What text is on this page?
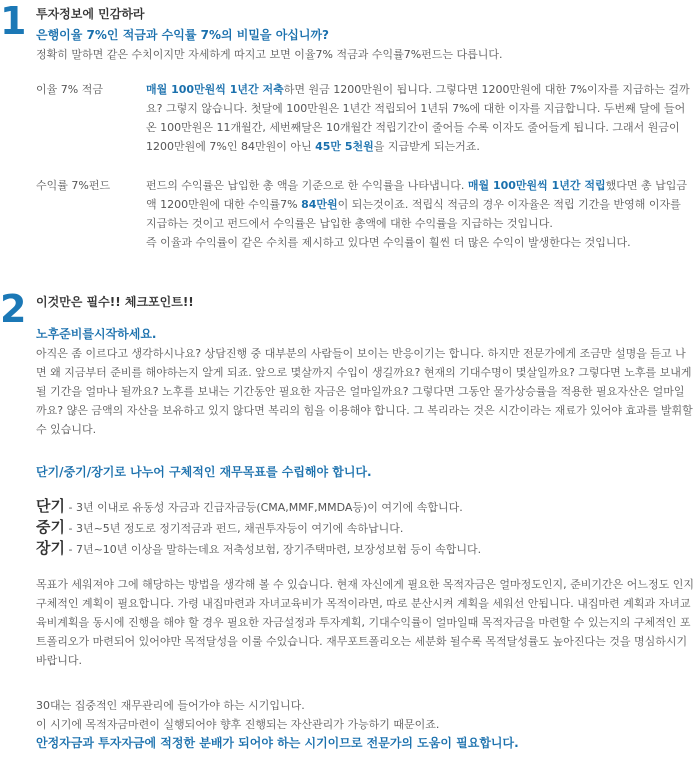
1 투자정보에 민감하라
은행이율 7%인 적금과 수익률 7%의 비밀을 아십니까?
정확히 말하면 같은 수치이지만 자세하게 따지고 보면 이율7% 적금과 수익률7%펀드는 다릅니다.
이율 7% 적금	매월 100만원씩 1년간 저축하면 원금 1200만원이 됩니다. 그렇다면 1200만원에 대한 7%이자를 지급하는 걸까요? 그렇지 않습니다. 첫달에 100만원은 1년간 적립되어 1년뒤 7%에 대한 이자를 지급합니다. 두번째 달에 들어온 100만원은 11개월간, 세번째달은 10개월간 적립기간이 줄어들 수록 이자도 줄어들게 됩니다. 그래서 원금이 1200만원에 7%인 84만원이 아닌 45만 5천원을 지급받게 되는거죠.

수익률 7%펀드	펀드의 수익률은 납입한 총 액을 기준으로 한 수익률을 나타냅니다. 매월 100만원씩 1년간 적립했다면 총 납입금액 1200만원에 대한 수익률7% 84만원이 되는것이죠. 적립식 적금의 경우 이자율은 적립 기간을 반영해 이자를 지급하는 것이고 펀드에서 수익률은 납입한 총액에 대한 수익률을 지급하는 것입니다.

즉 이율과 수익률이 같은 수치를 제시하고 있다면 수익률이 훨씬 더 많은 수익이 발생한다는 것입니다.

2 이것만은 필수!! 체크포인트!!
노후준비를시작하세요.
아직은 좀 이르다고 생각하시나요? 상담진행 중 대부분의 사람들이 보이는 반응이기는 합니다. 하지만 전문가에게 조금만 설명을 듣고 나면 왜 지금부터 준비를 해야하는지 알게 되죠. 앞으로 몇살까지 수입이 생길까요? 현재의 기대수명이 몇살일까요? 그렇다면 노후를 보내게 될 기간을 얼마나 될까요? 노후를 보내는 기간동안 필요한 자금은 얼마일까요? 그렇다면 그동안 물가상승률을 적용한 필요자산은 얼마일까요? 얂은 금액의 자산을 보유하고 있지 않다면 복리의 힘을 이용해야 합니다. 그 복리라는 것은 시간이라는 재료가 있어야 효과를 발휘할 수 있습니다.
단기/중기/장기로 나누어 구체적인 재무목표를 수립해야 합니다.
단기 - 3년 이내로 유동성 자금과 긴급자금등(CMA,MMF,MMDA등)이 여기에 속합니다.
중기 - 3년~5년 정도로 정기적금과 펀드, 채권투자등이 여기에 속하납니다.
장기 - 7년~10년 이상을 말하는데요 저축성보험, 장기주택마련, 보장성보험 등이 속합니다.
목표가 세워져야 그에 해당하는 방법을 생각해 볼 수 있습니다. 현재 자신에게 필요한 목적자금은 얼마정도인지, 준비기간은 어느정도 인지 구체적인 계획이 필요합니다. 가령 내집마련과 자녀교육비가 목적이라면, 따로 분산시켜 계획을 세워선 안됩니다. 내집마련 계획과 자녀교육비계획을 동시에 진행을 해야 할 경우 필요한 자금설정과 투자계획, 기대수익률이 얼마일때 목적자금을 마련할 수 있는지의 구체적인 포트폴리오가 마련되어 있어야만 목적달성을 이룰 수있습니다. 재무포트폴리오는 세분화 될수록 목적달성률도 높아진다는 것을 명심하시기 바랍니다.
30대는 집중적인 재무관리에 들어가야 하는 시기입니다.
이 시기에 목적자금마련이 실행되어야 향후 진행되는 자산관리가 가능하기 때문이죠.
안정자금과 투자자금에 적정한 분배가 되어야 하는 시기이므로 전문가의 도움이 필요합니다.
